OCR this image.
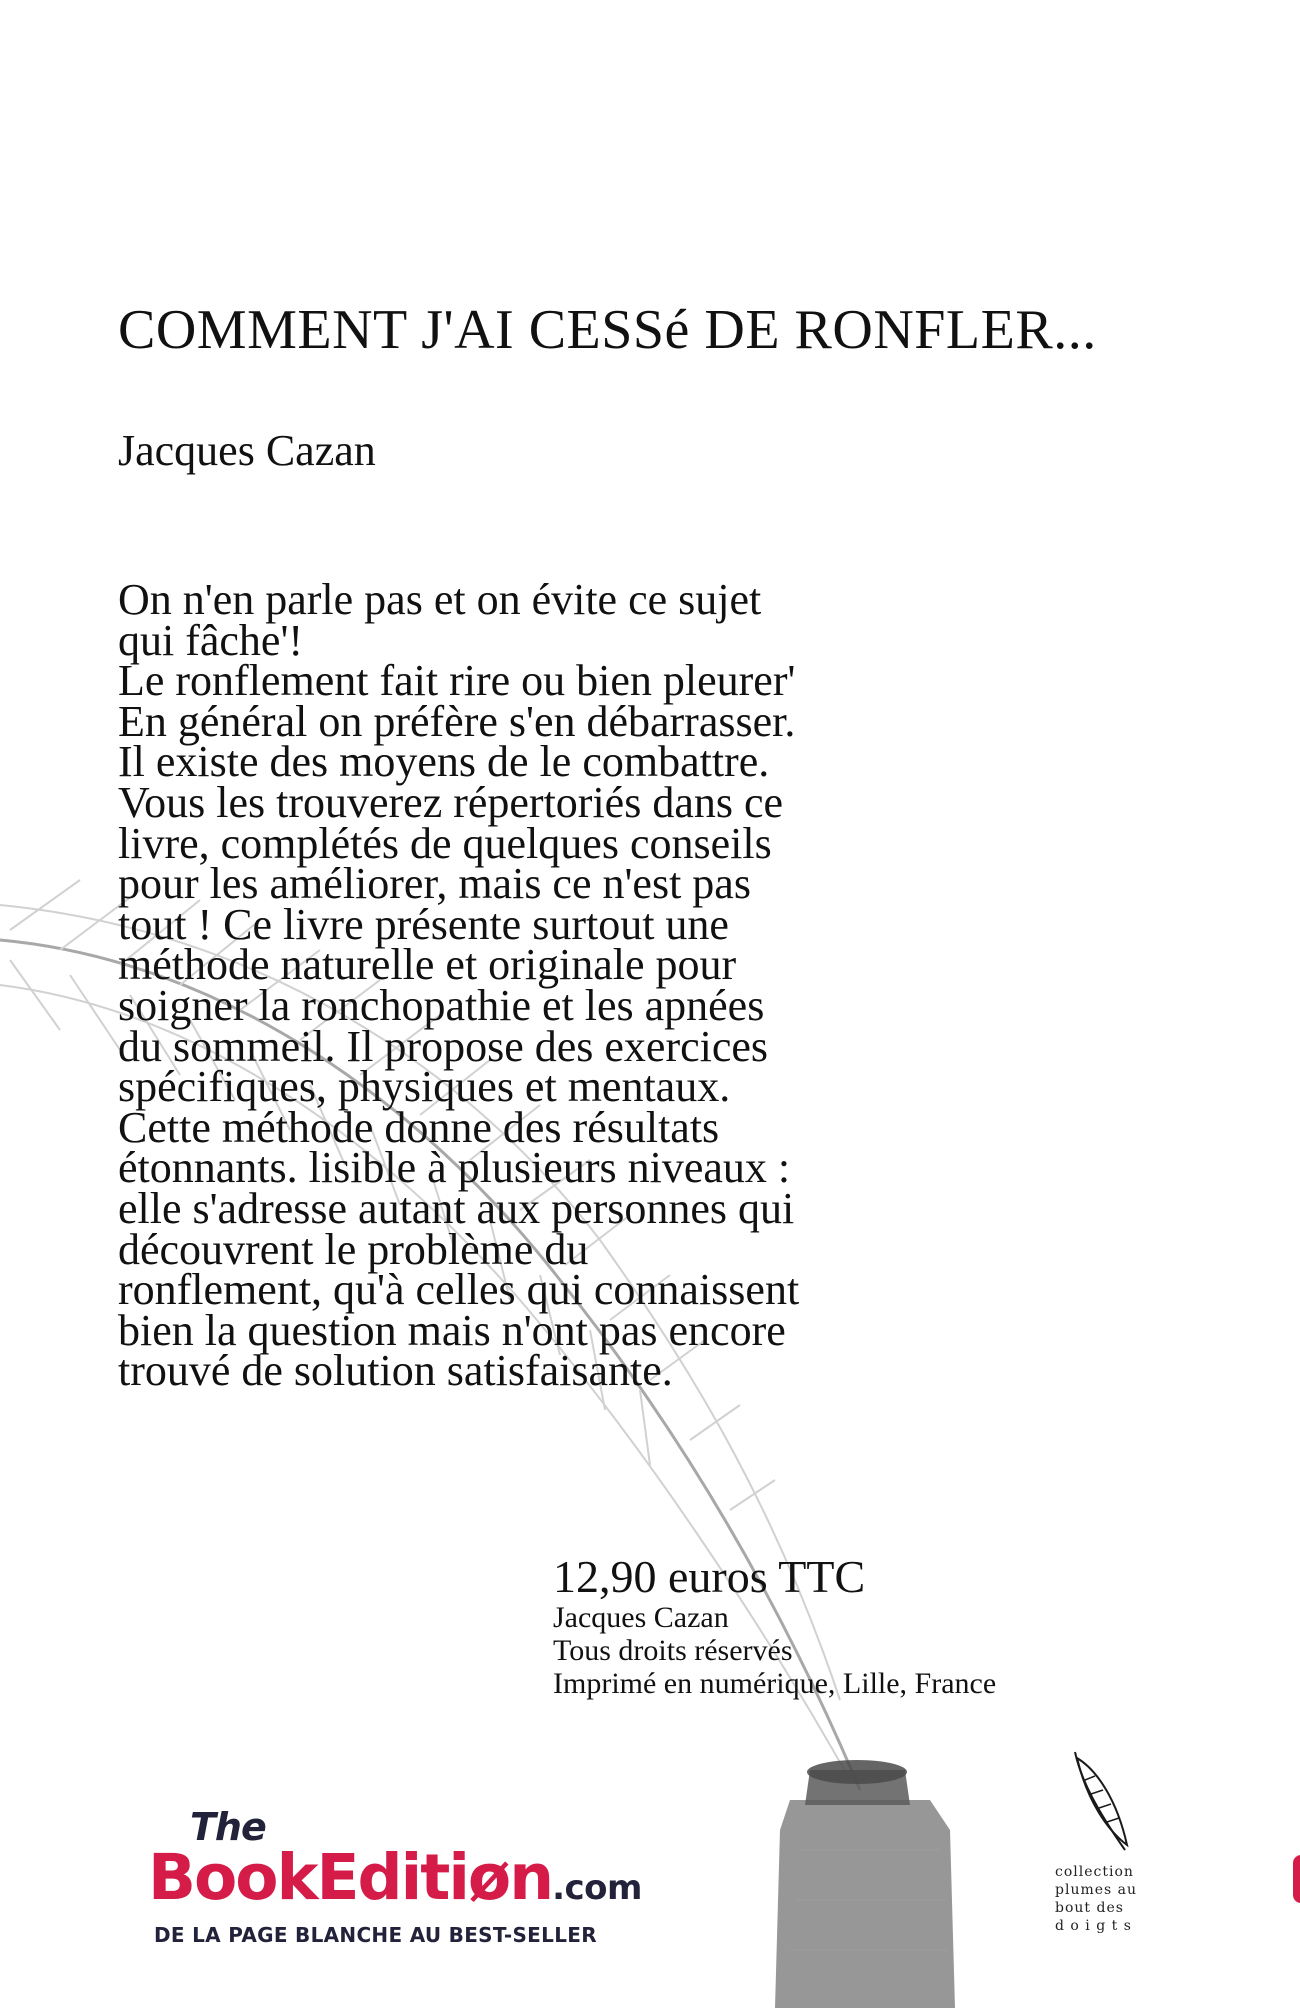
COMMENT J'AI CESSé DE RONFLER...

Jacques Cazan

On n'en parle pas et on évite ce sujet
qui fâche'!
Le ronflement fait rire ou bien pleurer'
En général on préfère s'en débarrasser.
Il existe des moyens de le combattre.
Vous les trouverez répertoriés dans ce
livre, complétés de quelques conseils
pour les améliorer, mais ce n'est pas
tout ! Ce livre présente surtout une
méthode naturelle et originale pour
soigner la ronchopathie et les apnées
du sommeil. Il propose des exercices
spécifiques, physiques et mentaux.
Cette méthode donne des résultats
étonnants. lisible à plusieurs niveaux :
elle s'adresse autant aux personnes qui
découvrent le problème du
ronflement, qu'à celles qui connaissent
bien la question mais n'ont pas encore
trouvé de solution satisfaisante.

12,90 euros TTC

Jacques Cazan

Tous droits réservés

Imprimé en numérique, Lille, France

The
BookEditiøn.com
DE LA PAGE BLANCHE AU BEST-SELLER

collection
plumes au
bout des
d o i g t s
